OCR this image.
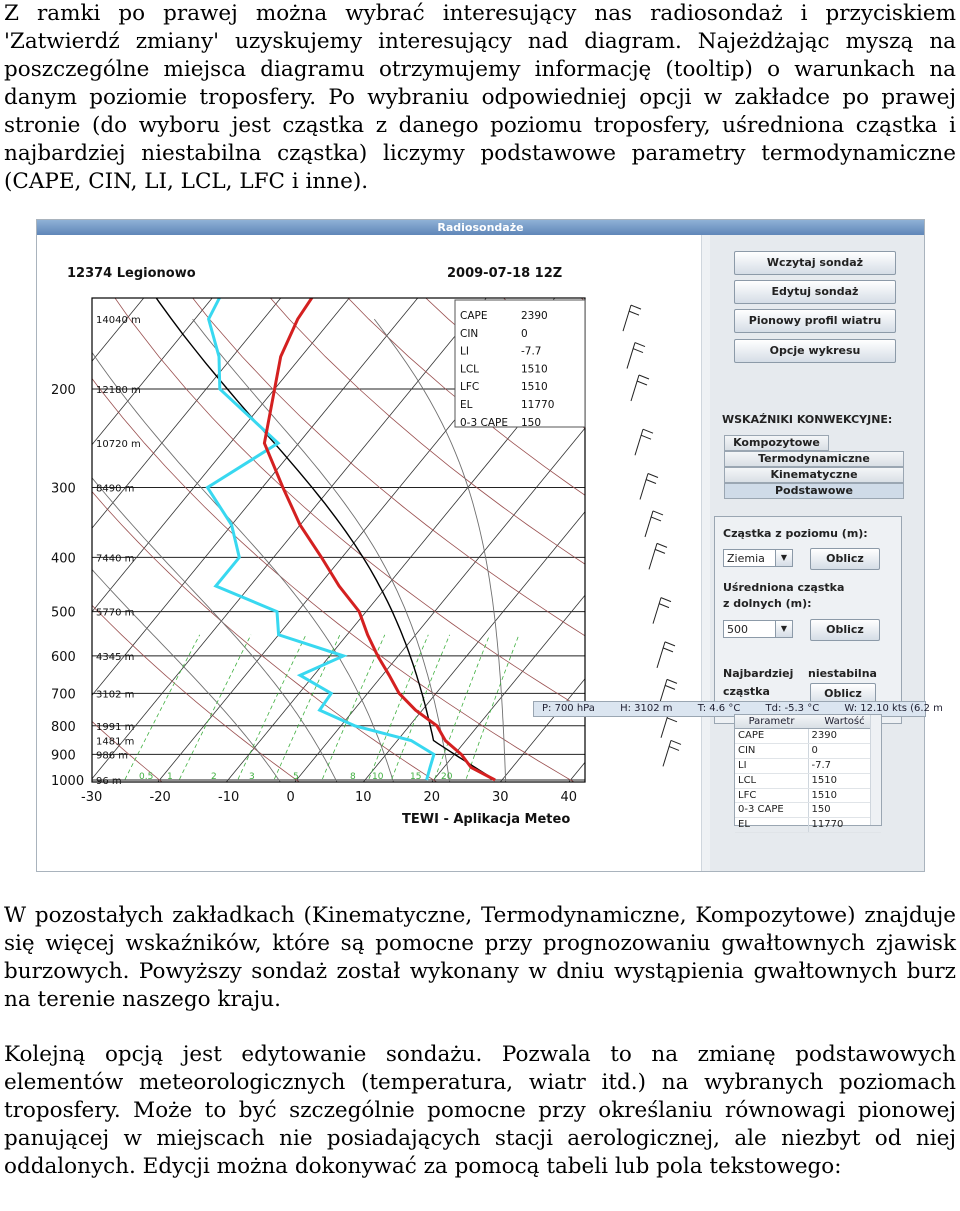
Z ramki po prawej można wybrać interesujący nas radiosondaż i przyciskiem 'Zatwierdź zmiany' uzyskujemy interesujący nad diagram. Najeżdżając myszą na poszczególne miejsca diagramu otrzymujemy informację (tooltip) o warunkach na danym poziomie troposfery. Po wybraniu odpowiedniej opcji w zakładce po prawej stronie (do wyboru jest cząstka z danego poziomu troposfery, uśredniona cząstka i najbardziej niestabilna cząstka) liczymy podstawowe parametry termodynamiczne (CAPE, CIN, LI, LCL, LFC i inne).

Radiosondaże
12374 Legionowo	2009-07-18 12Z
200
300
400
500
600
700
800
900
1000
14040 m
12180 m
10720 m
8490 m
7440 m
5770 m
4345 m
3102 m
1991 m
1481 m
986 m
96 m
-30	-20	-10	0	10	20	30	40
0.5 1	2	3	5	8 10	15 20
TEWI - Aplikacja Meteo
CAPE	2390
CIN	0
LI	-7.7
LCL	1510
LFC	1510
EL	11770
0-3 CAPE 150
Wczytaj sondaż
Edytuj sondaż
Pionowy profil wiatru
Opcje wykresu
WSKAŹNIKI KONWEKCYJNE:
Kompozytowe
Termodynamiczne
Kinematyczne
Podstawowe
Cząstka z poziomu (m):
Ziemia	▼	Oblicz
Uśredniona cząstka
z dolnych (m):
500	▼	Oblicz
Najbardziej niestabilna
cząstka	Oblicz
P: 700 hPa	H: 3102 m	T: 4.6 °C	Td: -5.3 °C	W: 12.10 kts (6.2 m
Parametr	Wartość
CAPE	2390
CIN	0
LI	-7.7
LCL	1510
LFC	1510
0-3 CAPE	150
EL	11770

W pozostałych zakładkach (Kinematyczne, Termodynamiczne, Kompozytowe) znajduje się więcej wskaźników, które są pomocne przy prognozowaniu gwałtownych zjawisk burzowych. Powyższy sondaż został wykonany w dniu wystąpienia gwałtownych burz na terenie naszego kraju.

Kolejną opcją jest edytowanie sondażu. Pozwala to na zmianę podstawowych elementów meteorologicznych (temperatura, wiatr itd.) na wybranych poziomach troposfery. Może to być szczególnie pomocne przy określaniu równowagi pionowej panującej w miejscach nie posiadających stacji aerologicznej, ale niezbyt od niej oddalonych. Edycji można dokonywać za pomocą tabeli lub pola tekstowego:
